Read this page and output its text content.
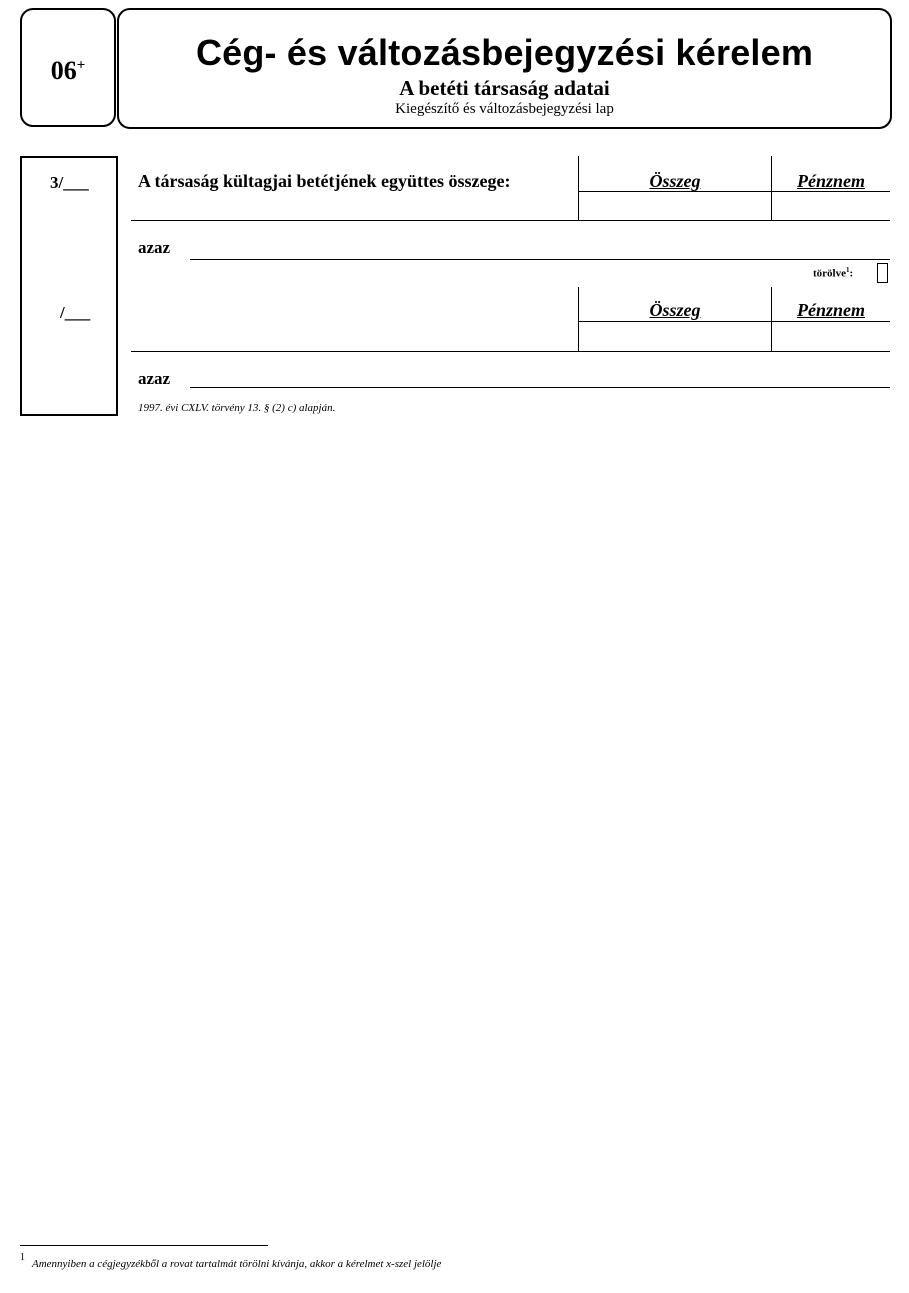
06+	Cég- és változásbejegyzési kérelem
A betéti társaság adatai
Kiegészítő és változásbejegyzési lap
3/___
/___
A társaság kültagjai betétjének együttes összege:	Összeg	Pénznem
azaz
törölve$^1$:
Összeg	Pénznem
azaz
1997. évi CXLV. törvény 13. § (2) c) alapján.
1
Amennyiben a cégjegyzékből a rovat tartalmát törölni kívánja, akkor a kérelmet x-szel jelölje
